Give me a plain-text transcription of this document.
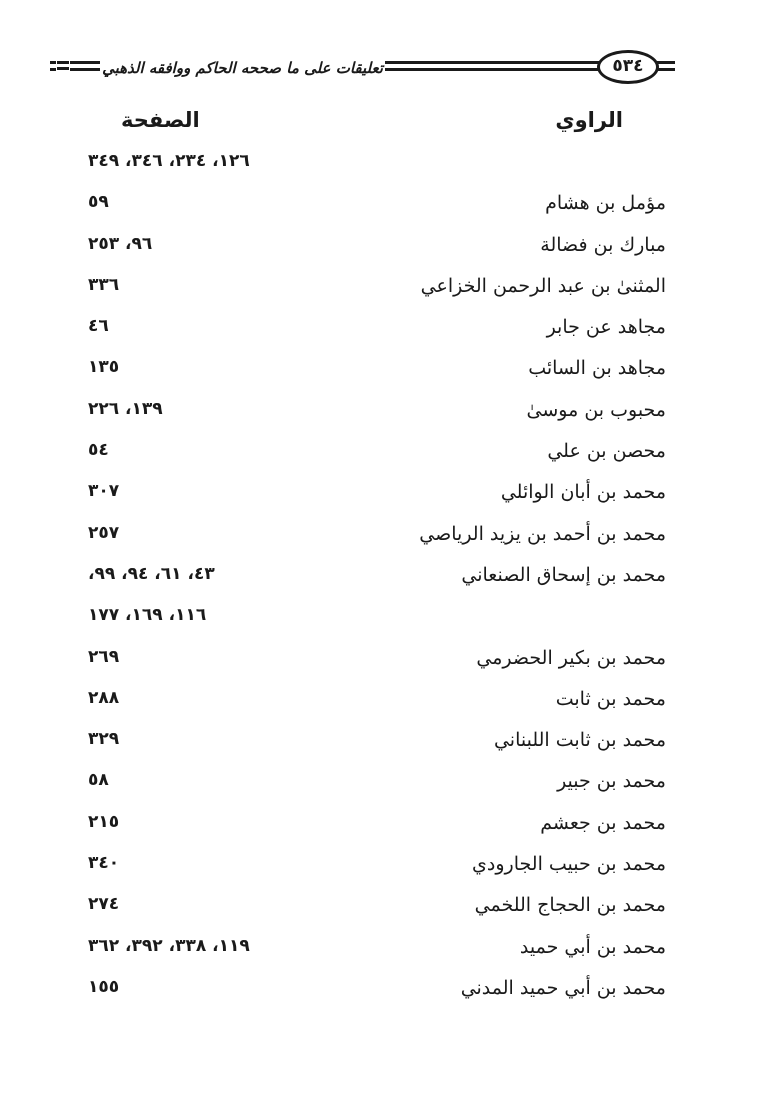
تعليقات على ما صححه الحاكم ووافقه الذهبي	٥٣٤
الراوي
الصفحة
١٢٦، ٢٣٤، ٣٤٦، ٣٤٩
مؤمل بن هشام
٥٩
مبارك بن فضالة
٩٦، ٢٥٣
المثنیٰ بن عبد الرحمن الخزاعي
٣٣٦
مجاهد عن جابر
٤٦
مجاهد بن السائب
١٣٥
محبوب بن موسیٰ
١٣٩، ٢٢٦
محصن بن علي
٥٤
محمد بن أبان الوائلي
٣٠٧
محمد بن أحمد بن يزيد الرياصي
٢٥٧
محمد بن إسحاق الصنعاني
٤٣، ٦١، ٩٤، ٩٩،
١١٦، ١٦٩، ١٧٧
محمد بن بكير الحضرمي
٢٦٩
محمد بن ثابت
٢٨٨
محمد بن ثابت اللبناني
٣٢٩
محمد بن جبير
٥٨
محمد بن جعشم
٢١٥
محمد بن حبيب الجارودي
٣٤٠
محمد بن الحجاج اللخمي
٢٧٤
محمد بن أبي حميد
١١٩، ٣٣٨، ٣٩٢، ٣٦٢
محمد بن أبي حميد المدني
١٥٥
